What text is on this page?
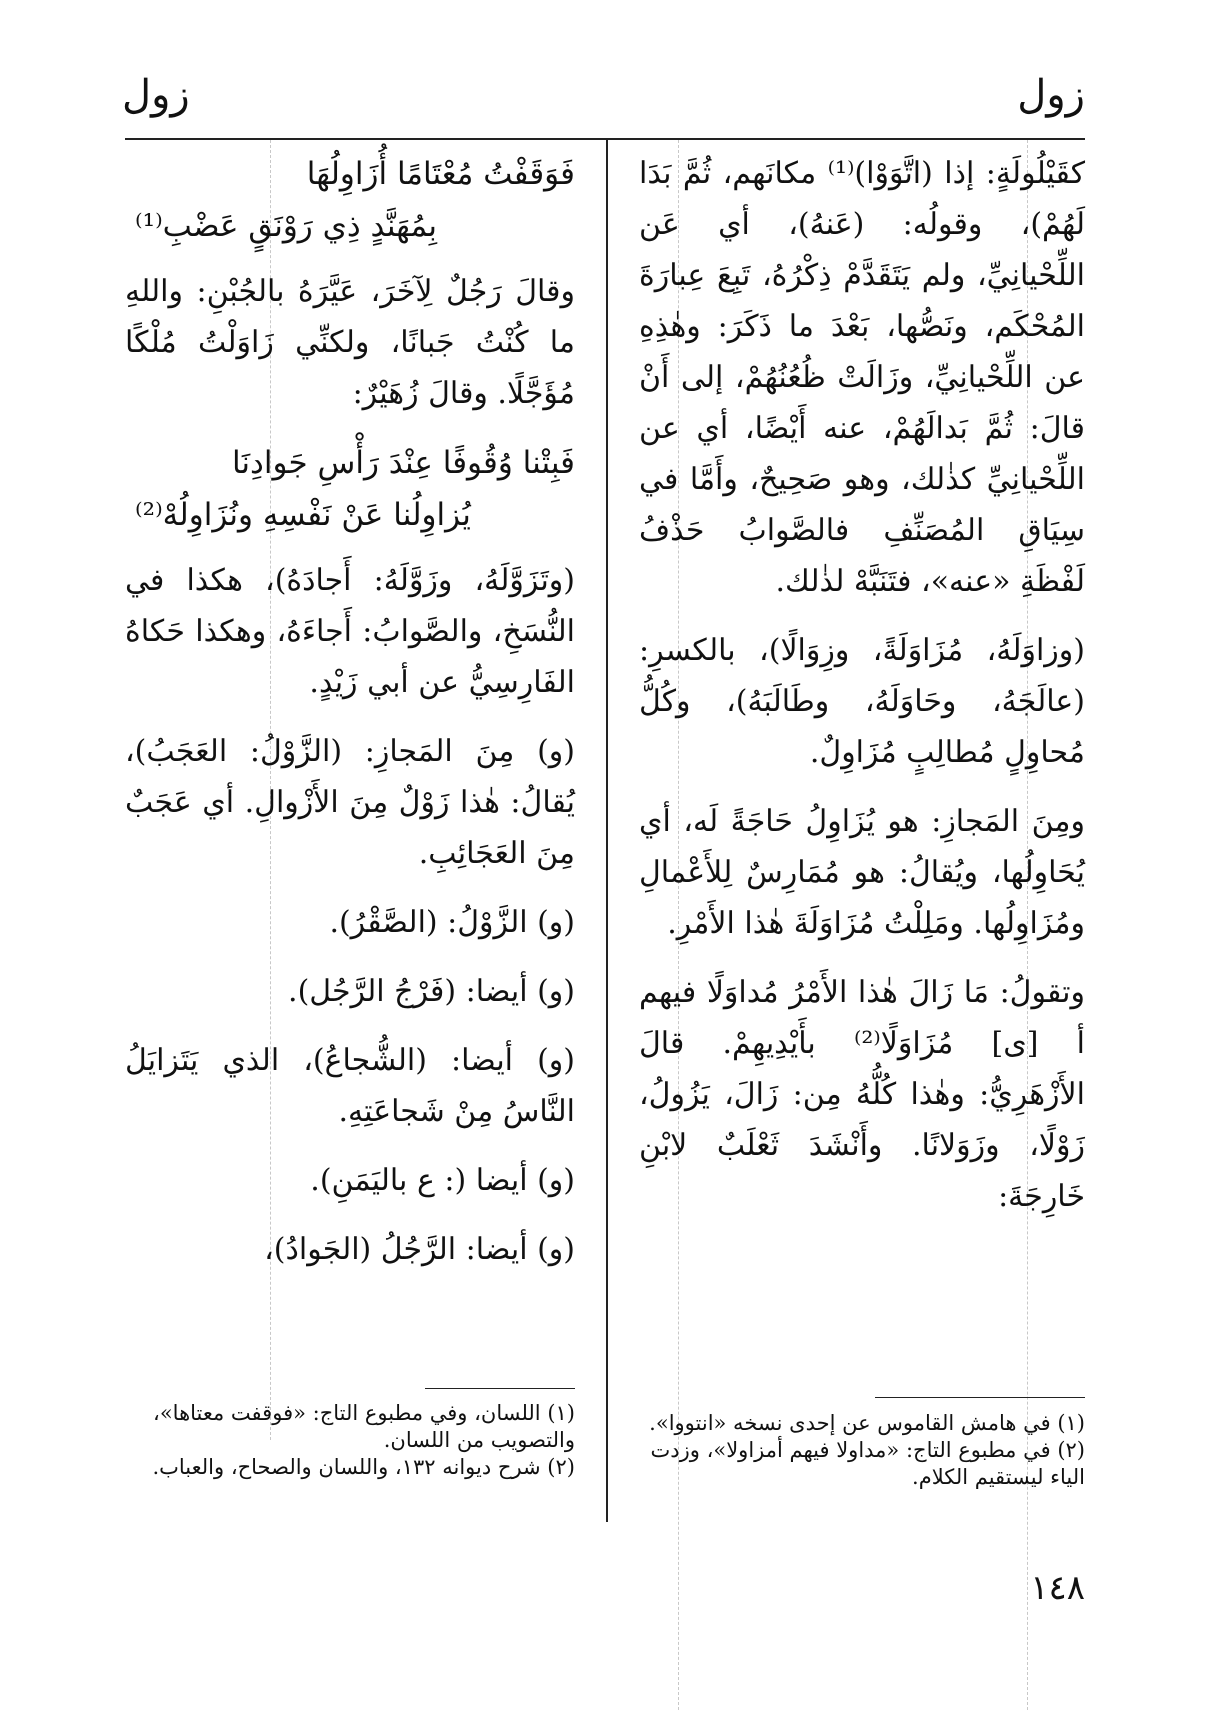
زول
زول

كقَيْلُولَةٍ: إذا (اتَّوَوْا)⁽¹⁾ مكانَهم، ثُمَّ بَدَا لَهُمْ)، وقولُه: (عَنهُ)، أي عَن اللِّحْيانِيِّ، ولم يَتَقَدَّمْ ذِكْرُهُ، تَبِعَ عِبارَةَ المُحْكَم، ونَصُّها، بَعْدَ ما ذَكَرَ: وهٰذِهِ عن اللِّحْيانِيِّ، وزَالَتْ ظُعُنُهُمْ، إلى أَنْ قالَ: ثُمَّ بَدالَهُمْ، عنه أَيْضًا، أي عن اللِّحْيانِيِّ كذٰلك، وهو صَحِيحٌ، وأَمَّا في سِيَاقِ المُصَنِّفِ فالصَّوابُ حَذْفُ لَفْظَةِ «عنه»، فتَنَبَّهْ لذٰلك.

(وزاوَلَهُ، مُزَاوَلَةً، وزِوَالًا)، بالكسرِ: (عالَجَهُ، وحَاوَلَهُ، وطَالَبَهُ)، وكُلُّ مُحاوِلٍ مُطالِبٍ مُزَاوِلٌ.

ومِنَ المَجازِ: هو يُزَاوِلُ حَاجَةً لَه، أي يُحَاوِلُها، ويُقالُ: هو مُمَارِسٌ لِلأَعْمالِ ومُزَاوِلُها. ومَلِلْتُ مُزَاوَلَةَ هٰذا الأَمْرِ.

وتقولُ: مَا زَالَ هٰذا الأَمْرُ مُداوَلًا فيهم أ [ى] مُزَاوَلًا⁽²⁾ بأَيْدِيهِمْ. قالَ الأَزْهَرِيُّ: وهٰذا كُلُّهُ مِن: زَالَ، يَزُولُ، زَوْلًا، وزَوَلانًا. وأَنْشَدَ ثَعْلَبٌ لابْنِ خَارِجَةَ:

فَوَقَفْتُ مُعْتَامًا أُزَاوِلُهَا

بِمُهَنَّدٍ ذِي رَوْنَقٍ عَضْبِ⁽¹⁾

وقالَ رَجُلٌ لِآخَرَ، عَيَّرَهُ بالجُبْنِ: واللهِ ما كُنْتُ جَبانًا، ولكنِّي زَاوَلْتُ مُلْكًا مُؤَجَّلًا. وقالَ زُهَيْرٌ:

فَبِتْنا وُقُوفًا عِنْدَ رَأْسِ جَوادِنَا

يُزاوِلُنا عَنْ نَفْسِهِ ونُزَاوِلُهْ⁽²⁾

(وتَزَوَّلَهُ، وزَوَّلَهُ: أَجادَهُ)، هكذا في النُّسَخِ، والصَّوابُ: أَجاءَهُ، وهكذا حَكاهُ الفَارِسِيُّ عن أبي زَيْدٍ.

(و) مِنَ المَجازِ: (الزَّوْلُ: العَجَبُ)، يُقالُ: هٰذا زَوْلٌ مِنَ الأَزْوالِ. أي عَجَبٌ مِنَ العَجَائِبِ.

(و) الزَّوْلُ: (الصَّقْرُ).

(و) أيضا: (فَرْجُ الرَّجُل).

(و) أيضا: (الشُّجاعُ)، الذي يَتَزايَلُ النَّاسُ مِنْ شَجاعَتِهِ.

(و) أيضا (: ع باليَمَنِ).

(و) أيضا: الرَّجُلُ (الجَوادُ)،

(١) في هامش القاموس عن إحدى نسخه «انتووا».

(٢) في مطبوع التاج: «مداولا فيهم أمزاولا»، وزدت الياء ليستقيم الكلام.

(١) اللسان، وفي مطبوع التاج: «فوقفت معتاها»، والتصويب من اللسان.

(٢) شرح ديوانه ١٣٢، واللسان والصحاح، والعباب.

١٤٨
